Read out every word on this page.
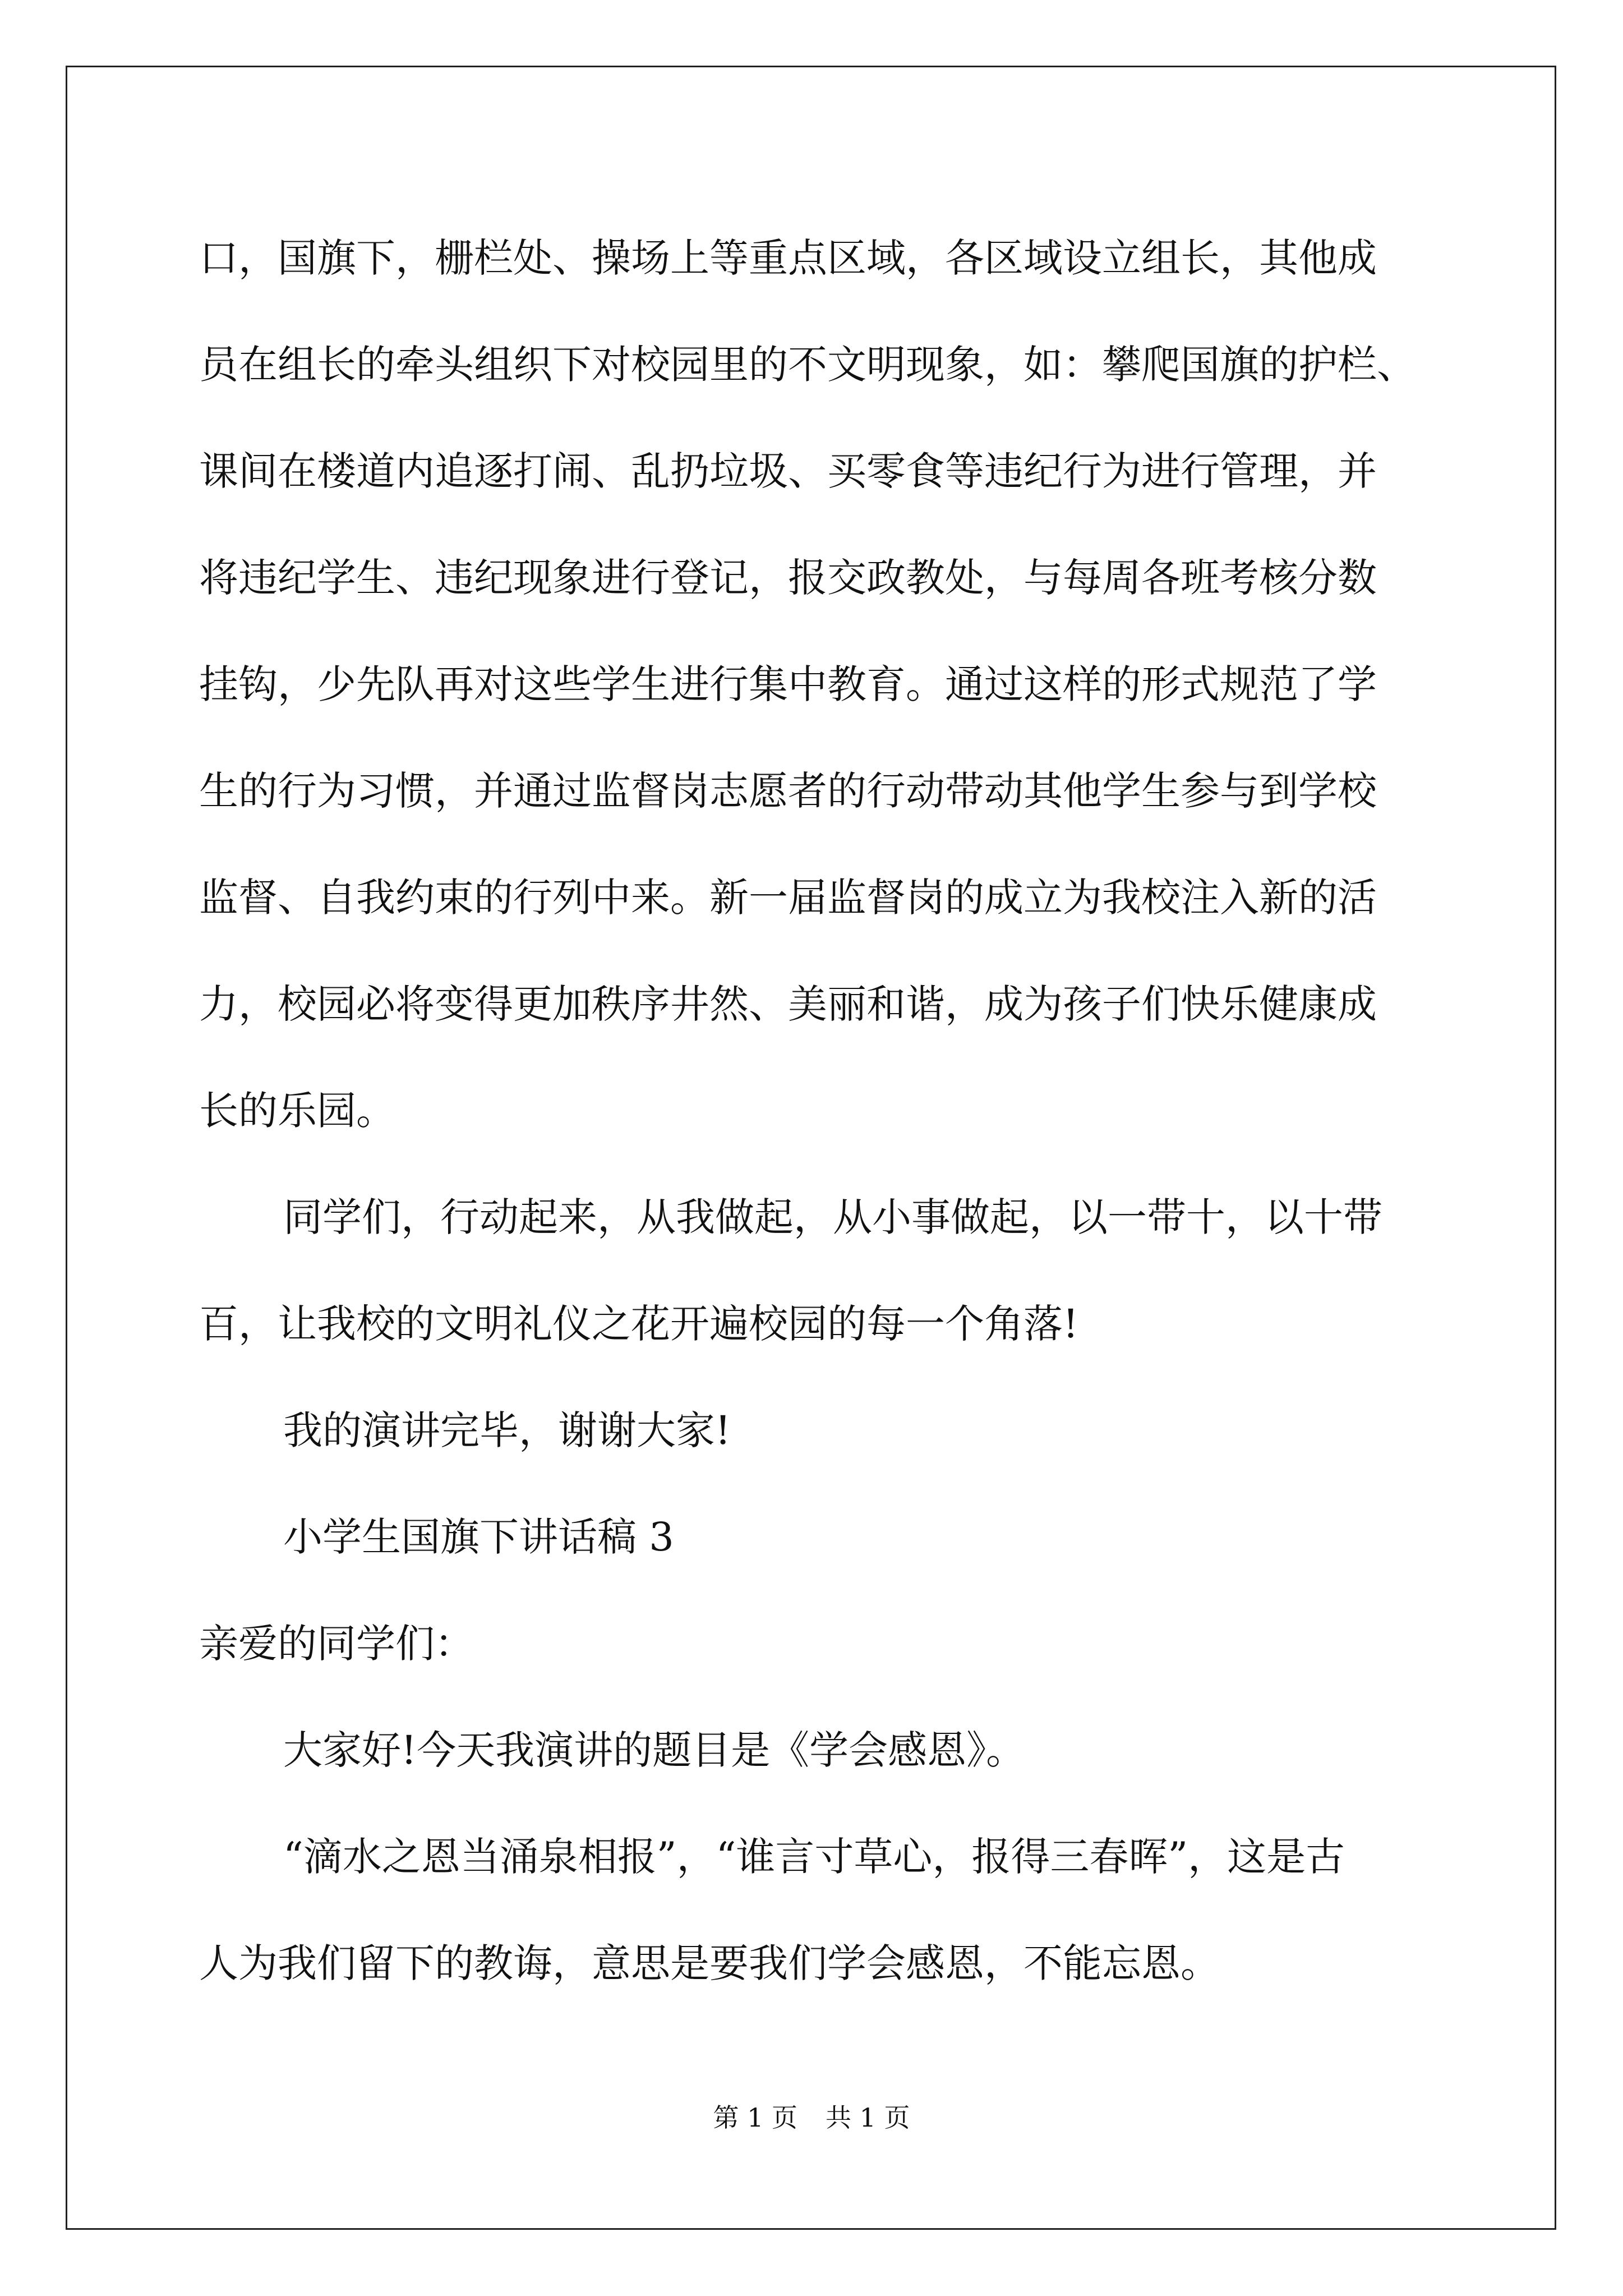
口，国旗下，栅栏处、操场上等重点区域，各区域设立组长，其他成

员在组长的牵头组织下对校园里的不文明现象，如：攀爬国旗的护栏、

课间在楼道内追逐打闹、乱扔垃圾、买零食等违纪行为进行管理，并

将违纪学生、违纪现象进行登记，报交政教处，与每周各班考核分数

挂钩，少先队再对这些学生进行集中教育。通过这样的形式规范了学

生的行为习惯，并通过监督岗志愿者的行动带动其他学生参与到学校

监督、自我约束的行列中来。新一届监督岗的成立为我校注入新的活

力，校园必将变得更加秩序井然、美丽和谐，成为孩子们快乐健康成

长的乐园。

同学们，行动起来，从我做起，从小事做起，以一带十，以十带

百，让我校的文明礼仪之花开遍校园的每一个角落!

我的演讲完毕，谢谢大家!

小学生国旗下讲话稿 3

亲爱的同学们：

大家好!今天我演讲的题目是《学会感恩》。

“滴水之恩当涌泉相报”，“谁言寸草心，报得三春晖”，这是古

人为我们留下的教诲，意思是要我们学会感恩，不能忘恩。

第 1 页 共 1 页
